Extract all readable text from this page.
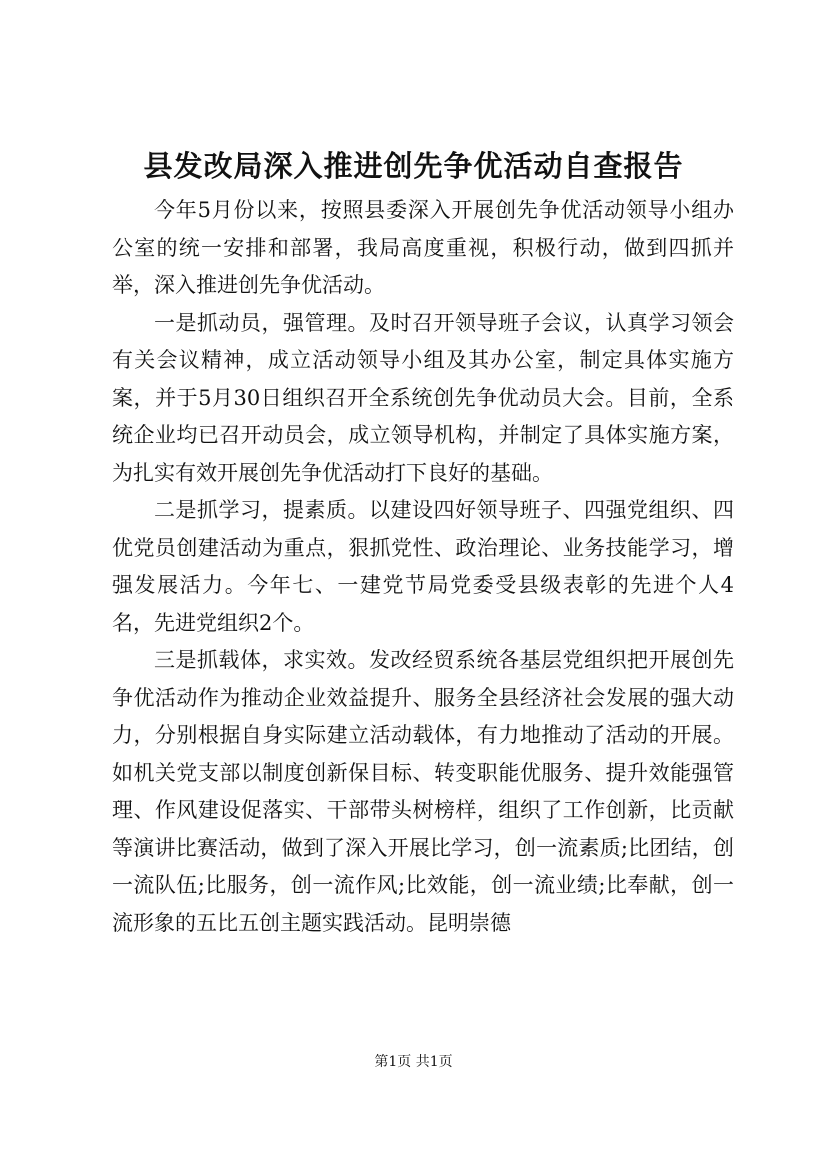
县发改局深入推进创先争优活动自查报告

今年5月份以来，按照县委深入开展创先争优活动领导小组办公室的统一安排和部署，我局高度重视，积极行动，做到四抓并举，深入推进创先争优活动。

一是抓动员，强管理。及时召开领导班子会议，认真学习领会有关会议精神，成立活动领导小组及其办公室，制定具体实施方案，并于5月30日组织召开全系统创先争优动员大会。目前，全系统企业均已召开动员会，成立领导机构，并制定了具体实施方案，为扎实有效开展创先争优活动打下良好的基础。

二是抓学习，提素质。以建设四好领导班子、四强党组织、四优党员创建活动为重点，狠抓党性、政治理论、业务技能学习，增强发展活力。今年七、一建党节局党委受县级表彰的先进个人4名，先进党组织2个。

三是抓载体，求实效。发改经贸系统各基层党组织把开展创先争优活动作为推动企业效益提升、服务全县经济社会发展的强大动力，分别根据自身实际建立活动载体，有力地推动了活动的开展。如机关党支部以制度创新保目标、转变职能优服务、提升效能强管理、作风建设促落实、干部带头树榜样，组织了工作创新，比贡献等演讲比赛活动，做到了深入开展比学习，创一流素质;比团结，创一流队伍;比服务，创一流作风;比效能，创一流业绩;比奉献，创一流形象的五比五创主题实践活动。昆明崇德

第1页 共1页
